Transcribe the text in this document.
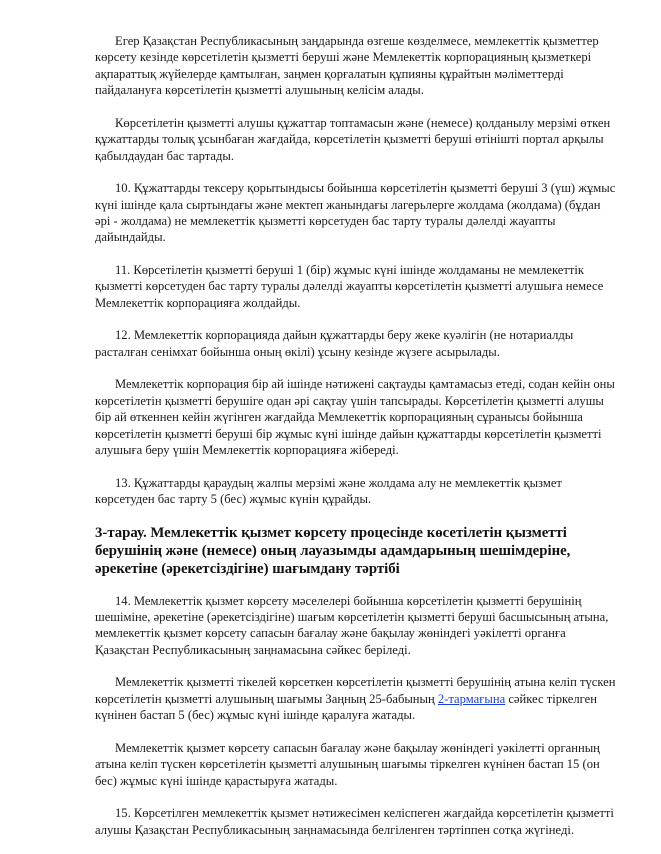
Егер Қазақстан Республикасының заңдарында өзгеше көзделмесе, мемлекеттік қызметтер көрсету кезінде көрсетілетін қызметті беруші және Мемлекеттік корпорацияның қызметкері ақпараттық жүйелерде қамтылған, заңмен қорғалатын құпияны құрайтын мәліметтерді пайдалануға көрсетілетін қызметті алушының келісім алады.

Көрсетілетін қызметті алушы құжаттар топтамасын және (немесе) қолданылу мерзімі өткен құжаттарды толық ұсынбаған жағдайда, көрсетілетін қызметті беруші өтінішті портал арқылы қабылдаудан бас тартады.

10. Құжаттарды тексеру қорытындысы бойынша көрсетілетін қызметті беруші 3 (үш) жұмыс күні ішінде қала сыртындағы және мектеп жанындағы лагерьлерге жолдама (жолдама) (бұдан әрі - жолдама) не мемлекеттік қызметті көрсетуден бас тарту туралы дәлелді жауапты дайындайды.

11. Көрсетілетін қызметті беруші 1 (бір) жұмыс күні ішінде жолдаманы не мемлекеттік қызметті көрсетуден бас тарту туралы дәлелді жауапты көрсетілетін қызметті алушыға немесе Мемлекеттік корпорацияға жолдайды.

12. Мемлекеттік корпорацияда дайын құжаттарды беру жеке куәлігін (не нотариалды расталған сенімхат бойынша оның өкілі) ұсыну кезінде жүзеге асырылады.

Мемлекеттік корпорация бір ай ішінде нәтижені сақтауды қамтамасыз етеді, содан кейін оны көрсетілетін қызметті берушіге одан әрі сақтау үшін тапсырады. Көрсетілетін қызметті алушы бір ай өткеннен кейін жүгінген жағдайда Мемлекеттік корпорацияның сұранысы бойынша көрсетілетін қызметті беруші бір жұмыс күні ішінде дайын құжаттарды көрсетілетін қызметті алушыға беру үшін Мемлекеттік корпорацияға жібереді.

13. Құжаттарды қараудың жалпы мерзімі және жолдама алу не мемлекеттік қызмет көрсетуден бас тарту 5 (бес) жұмыс күнін құрайды.

3-тарау. Мемлекеттік қызмет көрсету процесінде көсетілетін қызметті берушінің және (немесе) оның лауазымды адамдарының шешімдеріне, әрекетіне (әрекетсіздігіне) шағымдану тәртібі

14. Мемлекеттік қызмет көрсету мәселелері бойынша көрсетілетін қызметті берушінің шешіміне, әрекетіне (әрекетсіздігіне) шағым көрсетілетін қызметті беруші басшысының атына, мемлекеттік қызмет көрсету сапасын бағалау және бақылау жөніндегі уәкілетті органға Қазақстан Республикасының заңнамасына сәйкес беріледі.

Мемлекеттік қызметті тікелей көрсеткен көрсетілетін қызметті берушінің атына келіп түскен көрсетілетін қызметті алушының шағымы Заңның 25-бабының 2-тармағына сәйкес тіркелген күнінен бастап 5 (бес) жұмыс күні ішінде қаралуға жатады.

Мемлекеттік қызмет көрсету сапасын бағалау және бақылау жөніндегі уәкілетті органның атына келіп түскен көрсетілетін қызметті алушының шағымы тіркелген күнінен бастап 15 (он бес) жұмыс күні ішінде қарастыруға жатады.

15. Көрсетілген мемлекеттік қызмет нәтижесімен келіспеген жағдайда көрсетілетін қызметті алушы Қазақстан Республикасының заңнамасында белгіленген тәртіппен сотқа жүгінеді.
